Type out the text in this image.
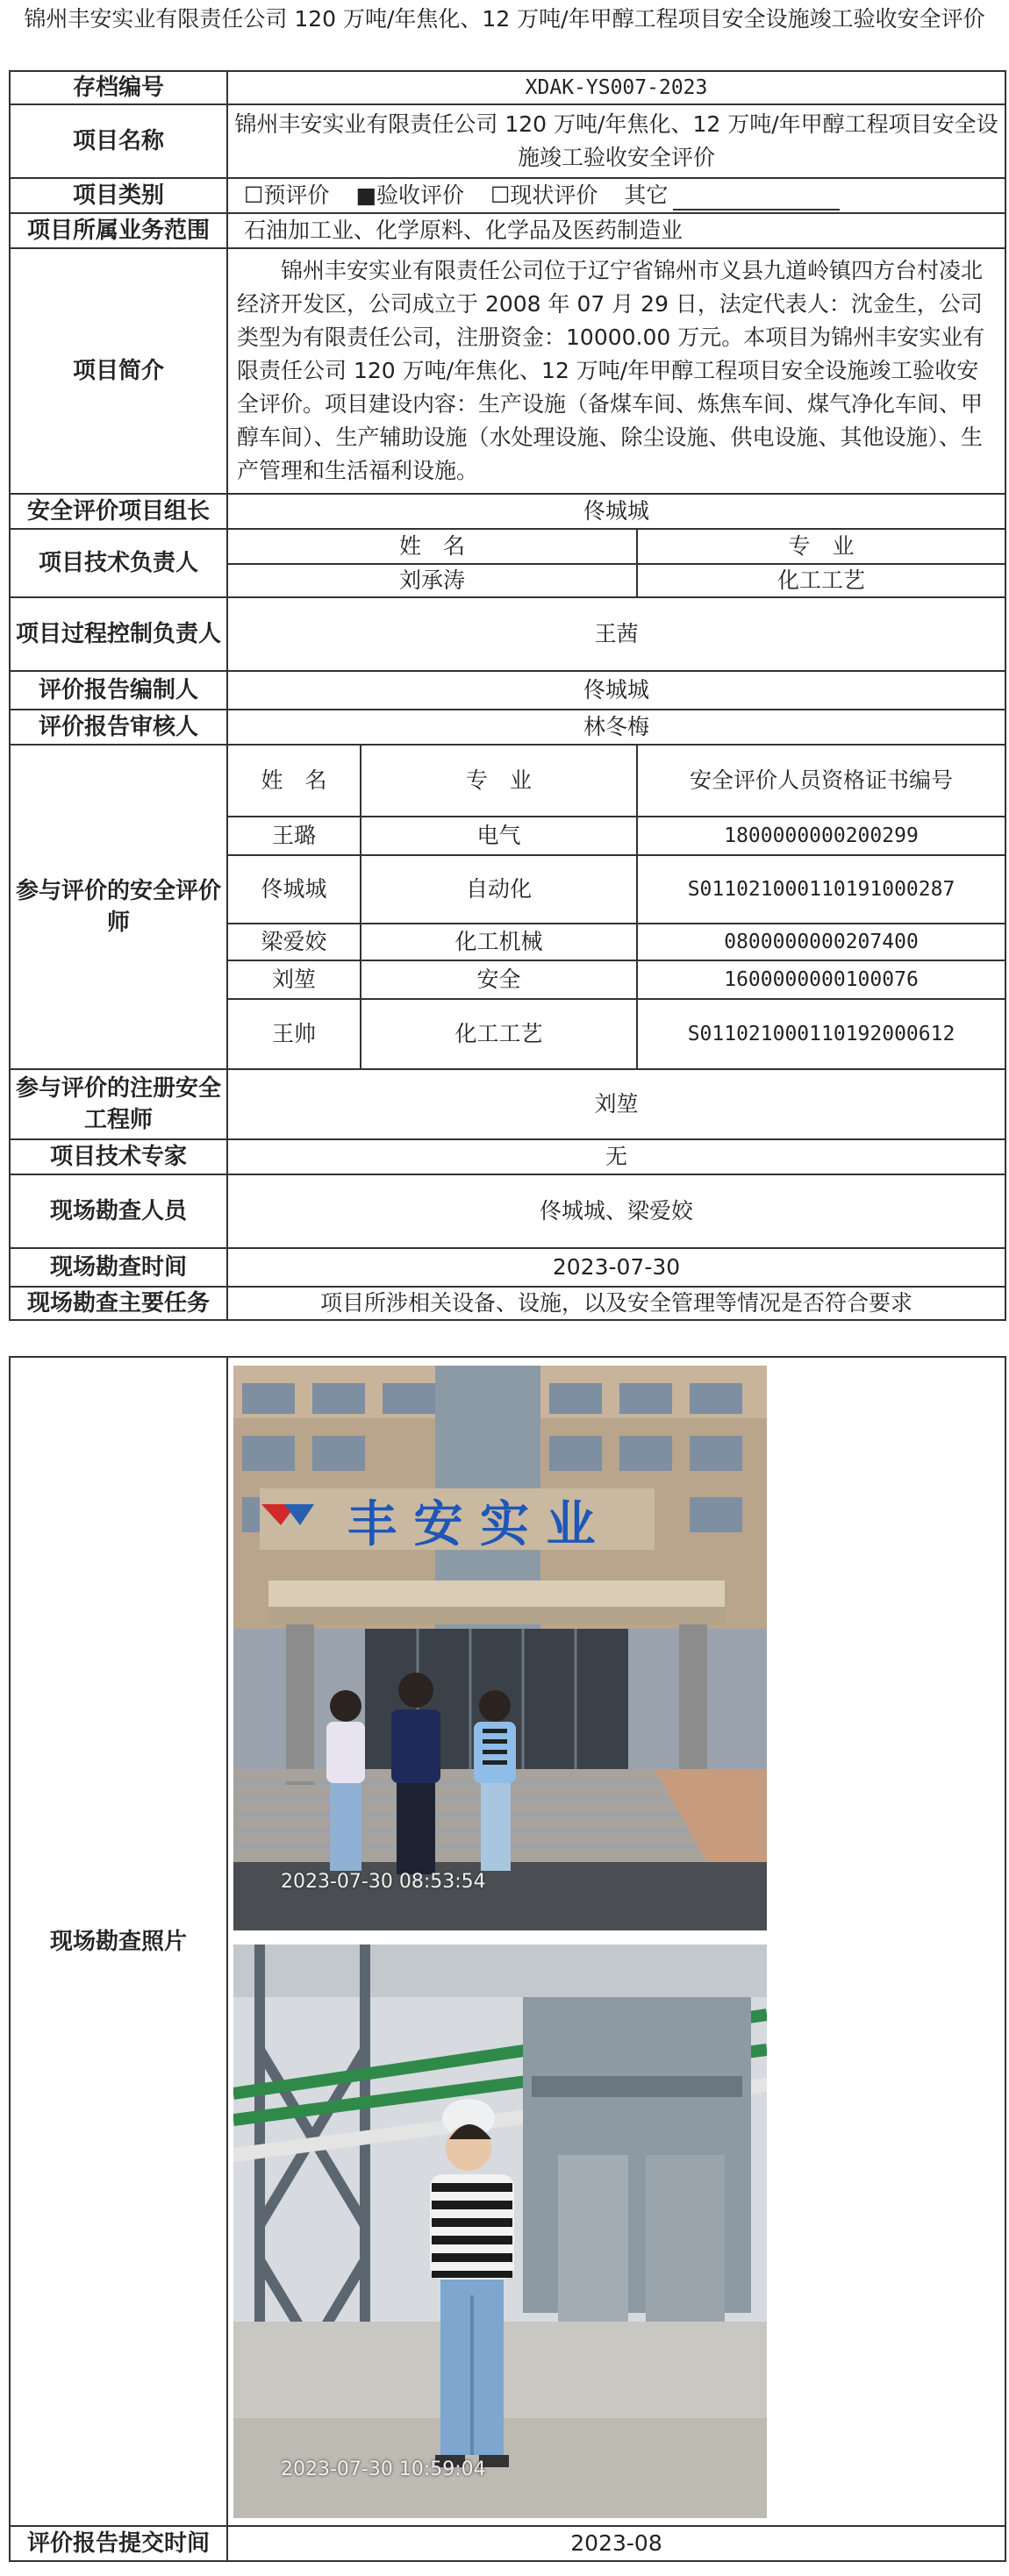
锦州丰安实业有限责任公司 120 万吨/年焦化、12 万吨/年甲醇工程项目安全设施竣工验收安全评价
存档编号	XDAK-YS007-2023		
项目名称	锦州丰安实业有限责任公司 120 万吨/年焦化、12 万吨/年甲醇工程项目安全设施竣工验收安全评价		
项目类别	☐预评价 ■验收评价 ☐现状评价 其它		
项目所属业务范围	石油加工业、化学原料、化学品及医药制造业		
项目简介	锦州丰安实业有限责任公司位于辽宁省锦州市义县九道岭镇四方台村凌北经济开发区，公司成立于 2008 年 07 月 29 日，法定代表人：沈金生，公司类型为有限责任公司，注册资金：10000.00 万元。本项目为锦州丰安实业有限责任公司 120 万吨/年焦化、12 万吨/年甲醇工程项目安全设施竣工验收安全评价。项目建设内容：生产设施（备煤车间、炼焦车间、煤气净化车间、甲醇车间）、生产辅助设施（水处理设施、除尘设施、供电设施、其他设施）、生产管理和生活福利设施。		
安全评价项目组长	佟城城		
项目技术负责人	姓　名		专　业
	刘承涛		化工工艺
项目过程控制负责人	王茜		
评价报告编制人	佟城城		
评价报告审核人	林冬梅		
参与评价的安全评价师	姓　名	专　业	安全评价人员资格证书编号
	王璐	电气	1800000000200299
	佟城城	自动化	S011021000110191000287
	梁爱姣	化工机械	0800000000207400
	刘堃	安全	1600000000100076
	王帅	化工工艺	S011021000110192000612
参与评价的注册安全工程师	刘堃		
项目技术专家	无		
现场勘查人员	佟城城、梁爱姣		
现场勘查时间	2023-07-30		
现场勘查主要任务	项目所涉相关设备、设施，以及安全管理等情况是否符合要求		
现场勘查照片	丰 安 实 业
2023-07-30 08:53:54
2023-07-30 10:59:04

评价报告提交时间	2023-08
